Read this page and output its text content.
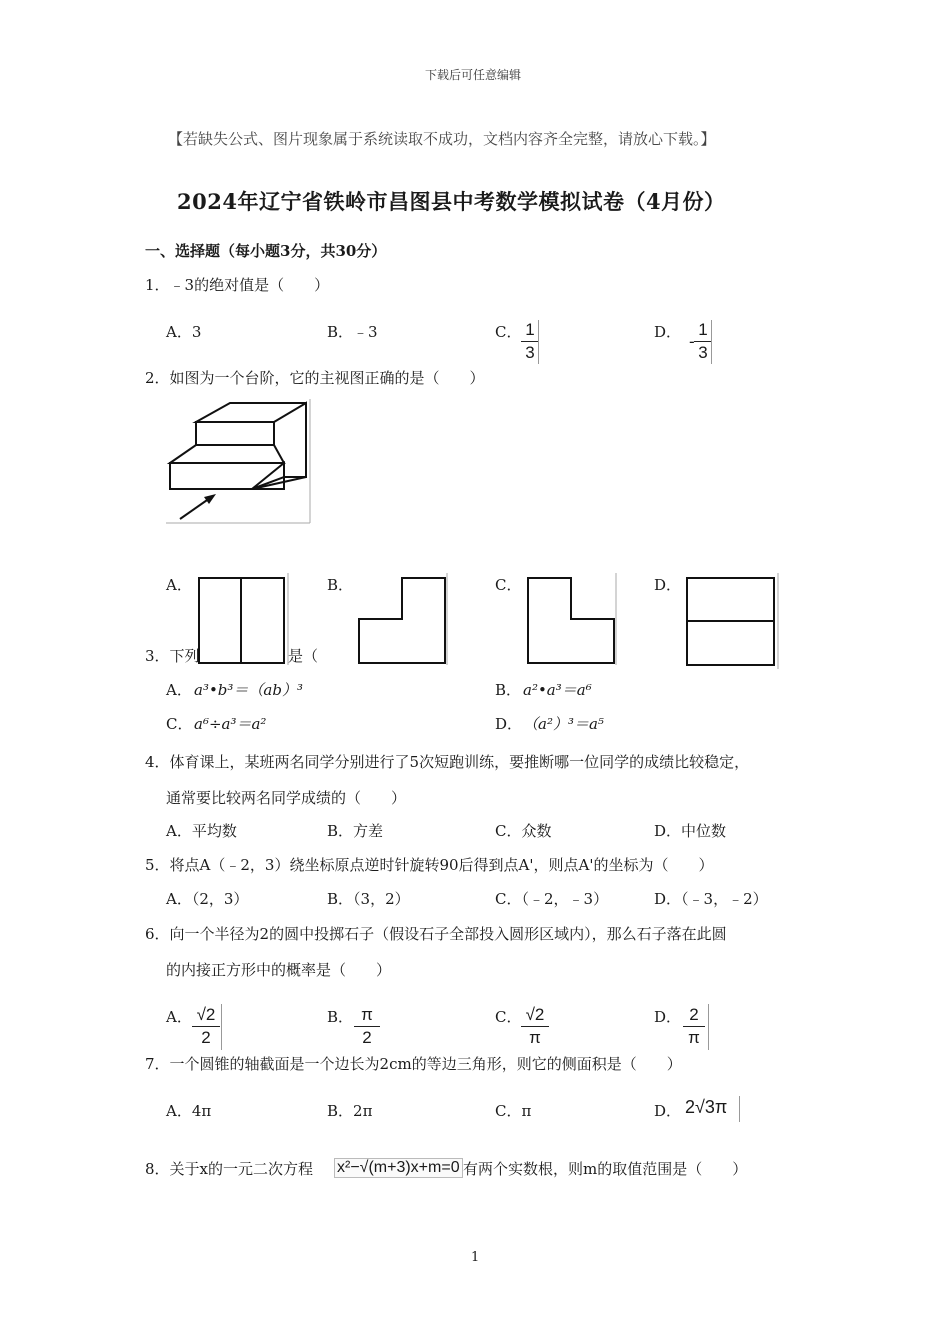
下载后可任意编辑
【若缺失公式、图片现象属于系统读取不成功，文档内容齐全完整，请放心下载。】
2024年辽宁省铁岭市昌图县中考数学模拟试卷（4月份）
一、选择题（每小题3分，共30分）
1．﹣3的绝对值是（　　）
A．3	B．﹣3	C． 1
3
D． -
1
3
2．如图为一个台阶，它的主视图正确的是（　　）
A．	B．	C．	D．
3．下列	是（
A． a³•b³＝（ab）³	B． a²•a³＝a⁶
C． a⁶÷a³＝a²	D． （a²）³＝a⁵
4．体育课上，某班两名同学分别进行了5次短跑训练，要推断哪一位同学的成绩比较稳定，
通常要比较两名同学成绩的（　　）
A．平均数	B．方差	C．众数	D．中位数
5．将点A（﹣2，3）绕坐标原点逆时针旋转90后得到点A'，则点A'的坐标为（　　）
A．（2，3）	B．（3，2）	C．（﹣2，﹣3）	D．（﹣3，﹣2）
6．向一个半径为2的圆中投掷石子（假设石子全部投入圆形区域内），那么石子落在此圆
的内接正方形中的概率是（　　）
A． √2
2
B． π
2
C． √2
π
D． 2
π
7．一个圆锥的轴截面是一个边长为2cm的等边三角形，则它的侧面积是（　　）
A．4π	B．2π	C．π	D． 2√3π
8．关于x的一元二次方程 x²−√(m+3)x+m=0 有两个实数根，则m的取值范围是（　　）
1
